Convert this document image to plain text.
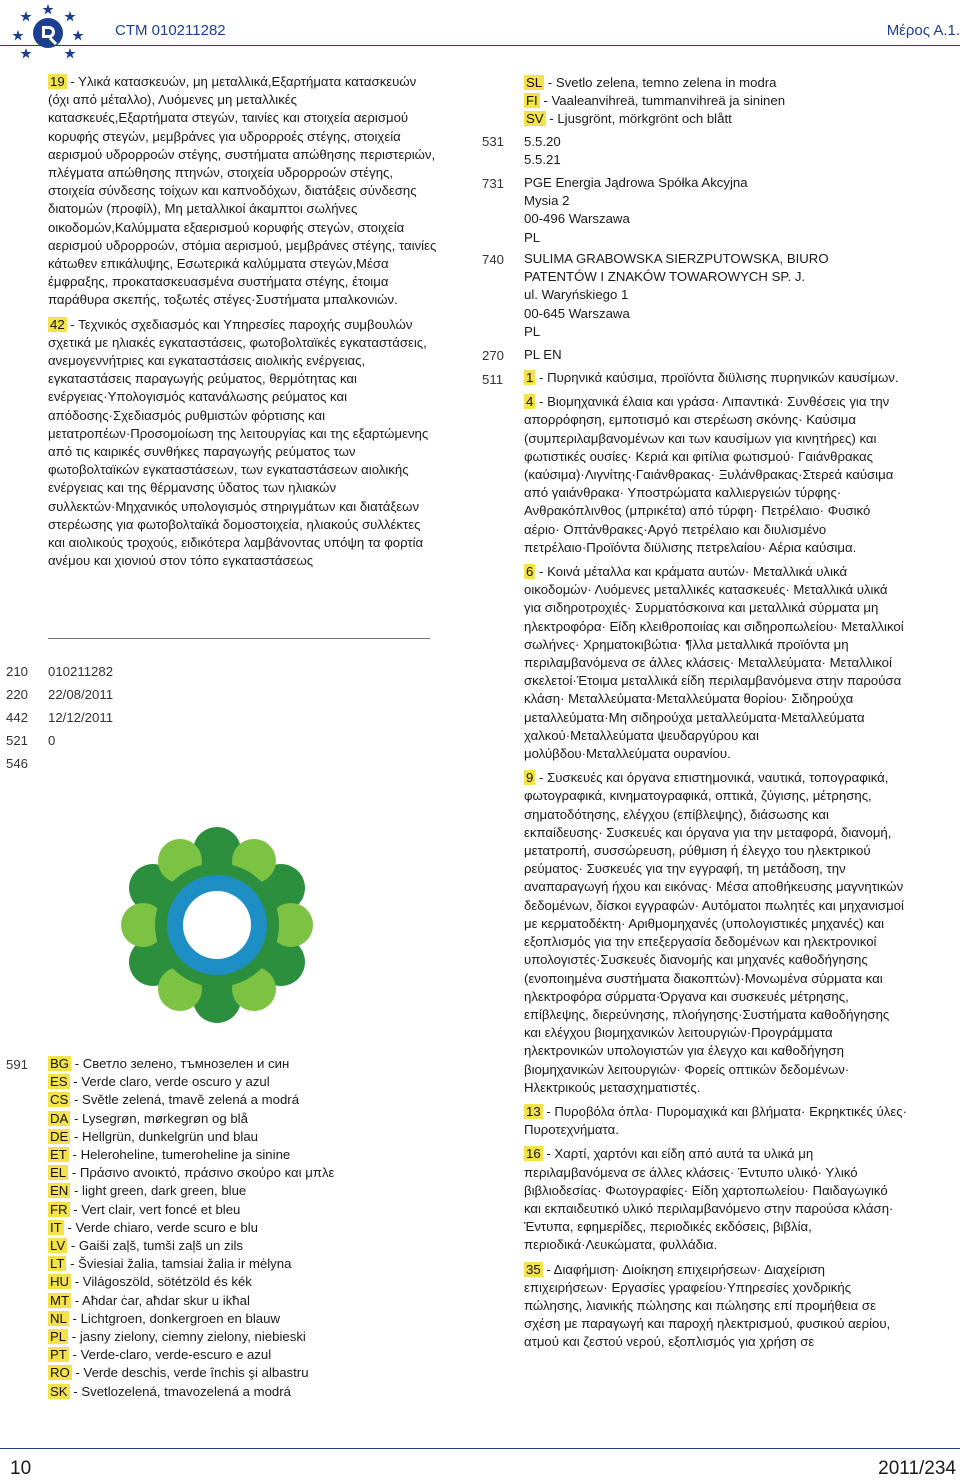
CTM 010211282	Μέρος Α.1.

19 - Υλικά κατασκευών, μη μεταλλικά,Εξαρτήματα κατασκευών (όχι από μέταλλο), Λυόμενες μη μεταλλικές κατασκευές,Εξαρτήματα στεγών, ταινίες και στοιχεία αερισμού κορυφής στεγών, μεμβράνες για υδρορροές στέγης, στοιχεία αερισμού υδρορροών στέγης, συστήματα απώθησης περιστεριών, πλέγματα απώθησης πτηνών, στοιχεία υδρορροών στέγης, στοιχεία σύνδεσης τοίχων και καπνοδόχων, διατάξεις σύνδεσης διατομών (προφίλ), Μη μεταλλικοί άκαμπτοι σωλήνες οικοδομών,Καλύμματα εξαερισμού κορυφής στεγών, στοιχεία αερισμού υδρορροών, στόμια αερισμού, μεμβράνες στέγης, ταινίες κάτωθεν επικάλυψης, Εσωτερικά καλύμματα στεγών,Μέσα έμφραξης, προκατασκευασμένα συστήματα στέγης, έτοιμα παράθυρα σκεπής, τοξωτές στέγες·Συστήματα μπαλκονιών.

42 - Τεχνικός σχεδιασμός και Υπηρεσίες παροχής συμβουλών σχετικά με ηλιακές εγκαταστάσεις, φωτοβολταϊκές εγκαταστάσεις, ανεμογεννήτριες και εγκαταστάσεις αιολικής ενέργειας, εγκαταστάσεις παραγωγής ρεύματος, θερμότητας και ενέργειας·Υπολογισμός κατανάλωσης ρεύματος και απόδοσης·Σχεδιασμός ρυθμιστών φόρτισης και μετατροπέων·Προσομοίωση της λειτουργίας και της εξαρτώμενης από τις καιρικές συνθήκες παραγωγής ρεύματος των φωτοβολταϊκών εγκαταστάσεων, των εγκαταστάσεων αιολικής ενέργειας και της θέρμανσης ύδατος των ηλιακών συλλεκτών·Μηχανικός υπολογισμός στηριγμάτων και διατάξεων στερέωσης για φωτοβολταϊκά δομοστοιχεία, ηλιακούς συλλέκτες και αιολικούς τροχούς, ειδικότερα λαμβάνοντας υπόψη τα φορτία ανέμου και χιονιού στον τόπο εγκαταστάσεως

210 010211282
220 22/08/2011
442 12/12/2011
521 0
546
591 BG - Светло зелено, тъмнозелен и син
ES - Verde claro, verde oscuro y azul
CS - Světle zelená, tmavě zelená a modrá
DA - Lysegrøn, mørkegrøn og blå
DE - Hellgrün, dunkelgrün und blau
ET - Heleroheline, tumeroheline ja sinine
EL - Πράσινο ανοικτό, πράσινο σκούρο και μπλε
EN - light green, dark green, blue
FR - Vert clair, vert foncé et bleu
IT - Verde chiaro, verde scuro e blu
LV - Gaiši zaļš, tumši zaļš un zils
LT - Šviesiai žalia, tamsiai žalia ir mėlyna
HU - Világoszöld, sötétzöld és kék
MT - Aħdar ċar, aħdar skur u ikħal
NL - Lichtgroen, donkergroen en blauw
PL - jasny zielony, ciemny zielony, niebieski
PT - Verde-claro, verde-escuro e azul
RO - Verde deschis, verde închis şi albastru
SK - Svetlozelená, tmavozelená a modrá
SL - Svetlo zelena, temno zelena in modra
FI - Vaaleanvihreä, tummanvihreä ja sininen
SV - Ljusgrönt, mörkgrönt och blått
531 5.5.20
5.5.21
731 PGE Energia Jądrowa Spółka Akcyjna
Mysia 2
00-496 Warszawa
PL
740 SULIMA GRABOWSKA SIERZPUTOWSKA, BIURO PATENTÓW I ZNAKÓW TOWAROWYCH SP. J.
ul. Waryńskiego 1
00-645 Warszawa
PL
270 PL EN
511 1 - Πυρηνικά καύσιμα, προϊόντα διϋλισης πυρηνικών καυσίμων.

4 - Βιομηχανικά έλαια και γράσα· Λιπαντικά· Συνθέσεις για την απορρόφηση, εμποτισμό και στερέωση σκόνης· Καύσιμα (συμπεριλαμβανομένων και των καυσίμων για κινητήρες) και φωτιστικές ουσίες· Κεριά και φιτίλια φωτισμού· Γαιάνθρακας (καύσιμα)·Λιγνίτης·Γαιάνθρακας· Ξυλάνθρακας·Στερεά καύσιμα από γαιάνθρακα· Υποστρώματα καλλιεργειών τύρφης· Ανθρακόπλινθος (μπρικέτα) από τύρφη· Πετρέλαιο· Φυσικό αέριο· Οπτάνθρακες·Αργό πετρέλαιο και διυλισμένο πετρέλαιο·Προϊόντα διϋλισης πετρελαίου· Αέρια καύσιμα.

6 - Κοινά μέταλλα και κράματα αυτών· Μεταλλικά υλικά οικοδομών· Λυόμενες μεταλλικές κατασκευές· Μεταλλικά υλικά για σιδηροτροχιές· Συρματόσκοινα και μεταλλικά σύρματα μη ηλεκτροφόρα· Είδη κλειθροποιίας και σιδηροπωλείου· Μεταλλικοί σωλήνες· Χρηματοκιβώτια· ¶λλα μεταλλικά προϊόντα μη περιλαμβανόμενα σε άλλες κλάσεις· Μεταλλεύματα· Μεταλλικοί σκελετοί·Έτοιμα μεταλλικά είδη περιλαμβανόμενα στην παρούσα κλάση· Μεταλλεύματα·Μεταλλεύματα θορίου· Σιδηρούχα μεταλλεύματα·Μη σιδηρούχα μεταλλεύματα·Μεταλλεύματα χαλκού·Μεταλλεύματα ψευδαργύρου και μολύβδου·Μεταλλεύματα ουρανίου.

9 - Συσκευές και όργανα επιστημονικά, ναυτικά, τοπογραφικά, φωτογραφικά, κινηματογραφικά, οπτικά, ζύγισης, μέτρησης, σηματοδότησης, ελέγχου (επίβλεψης), διάσωσης και εκπαίδευσης· Συσκευές και όργανα για την μεταφορά, διανομή, μετατροπή, συσσώρευση, ρύθμιση ή έλεγχο του ηλεκτρικού ρεύματος· Συσκευές για την εγγραφή, τη μετάδοση, την αναπαραγωγή ήχου και εικόνας· Μέσα αποθήκευσης μαγνητικών δεδομένων, δίσκοι εγγραφών· Αυτόματοι πωλητές και μηχανισμοί με κερματοδέκτη· Αριθμομηχανές (υπολογιστικές μηχανές) και εξοπλισμός για την επεξεργασία δεδομένων και ηλεκτρονικοί υπολογιστές·Συσκευές διανομής και μηχανές καθοδήγησης (ενοποιημένα συστήματα διακοπτών)·Μονωμένα σύρματα και ηλεκτροφόρα σύρματα·Όργανα και συσκευές μέτρησης, επίβλεψης, διερεύνησης, πλοήγησης·Συστήματα καθοδήγησης και ελέγχου βιομηχανικών λειτουργιών·Προγράμματα ηλεκτρονικών υπολογιστών για έλεγχο και καθοδήγηση βιομηχανικών λειτουργιών· Φορείς οπτικών δεδομένων· Ηλεκτρικούς μετασχηματιστές.

13 - Πυροβόλα όπλα· Πυρομαχικά και βλήματα· Εκρηκτικές ύλες· Πυροτεχνήματα.

16 - Χαρτί, χαρτόνι και είδη από αυτά τα υλικά μη περιλαμβανόμενα σε άλλες κλάσεις· Έντυπο υλικό· Υλικό βιβλιοδεσίας· Φωτογραφίες· Είδη χαρτοπωλείου· Παιδαγωγικό και εκπαιδευτικό υλικό περιλαμβανόμενο στην παρούσα κλάση· Έντυπα, εφημερίδες, περιοδικές εκδόσεις, βιβλία, περιοδικά·Λευκώματα, φυλλάδια.

35 - Διαφήμιση· Διοίκηση επιχειρήσεων· Διαχείριση επιχειρήσεων· Εργασίες γραφείου·Υπηρεσίες χονδρικής πώλησης, λιανικής πώλησης και πώλησης επί προμήθεια σε σχέση με παραγωγή και παροχή ηλεκτρισμού, φυσικού αερίου, ατμού και ζεστού νερού, εξοπλισμός για χρήση σε

10	2011/234
